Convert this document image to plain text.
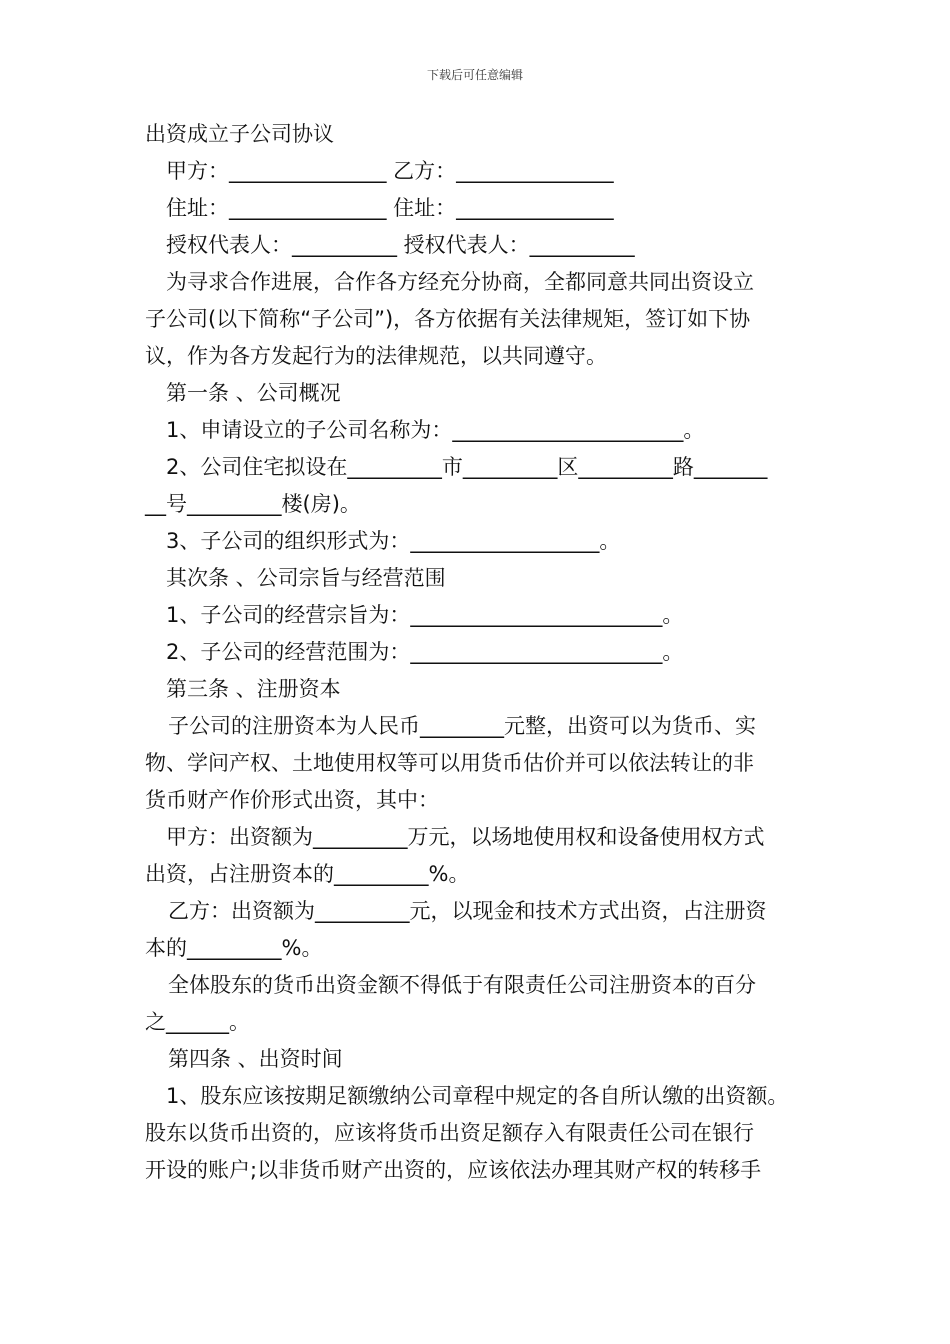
下载后可任意编辑

出资成立子公司协议

甲方：_______________ 乙方：_______________

住址：_______________ 住址：_______________

授权代表人：__________ 授权代表人：__________

为寻求合作进展，合作各方经充分协商，全都同意共同出资设立

子公司(以下简称“子公司”)，各方依据有关法律规矩，签订如下协

议，作为各方发起行为的法律规范，以共同遵守。

第一条 、公司概况

1、申请设立的子公司名称为：______________________。

2、公司住宅拟设在_________市_________区_________路_______

__号_________楼(房)。

3、子公司的组织形式为：__________________。

其次条 、公司宗旨与经营范围

1、子公司的经营宗旨为：________________________。

2、子公司的经营范围为：________________________。

第三条 、注册资本

子公司的注册资本为人民币________元整，出资可以为货币、实

物、学问产权、土地使用权等可以用货币估价并可以依法转让的非

货币财产作价形式出资，其中：

甲方：出资额为_________万元，以场地使用权和设备使用权方式

出资，占注册资本的_________%。

乙方：出资额为_________元，以现金和技术方式出资，占注册资

本的_________%。

全体股东的货币出资金额不得低于有限责任公司注册资本的百分

之______。

第四条 、出资时间

1、股东应该按期足额缴纳公司章程中规定的各自所认缴的出资额。

股东以货币出资的，应该将货币出资足额存入有限责任公司在银行

开设的账户;以非货币财产出资的，应该依法办理其财产权的转移手
